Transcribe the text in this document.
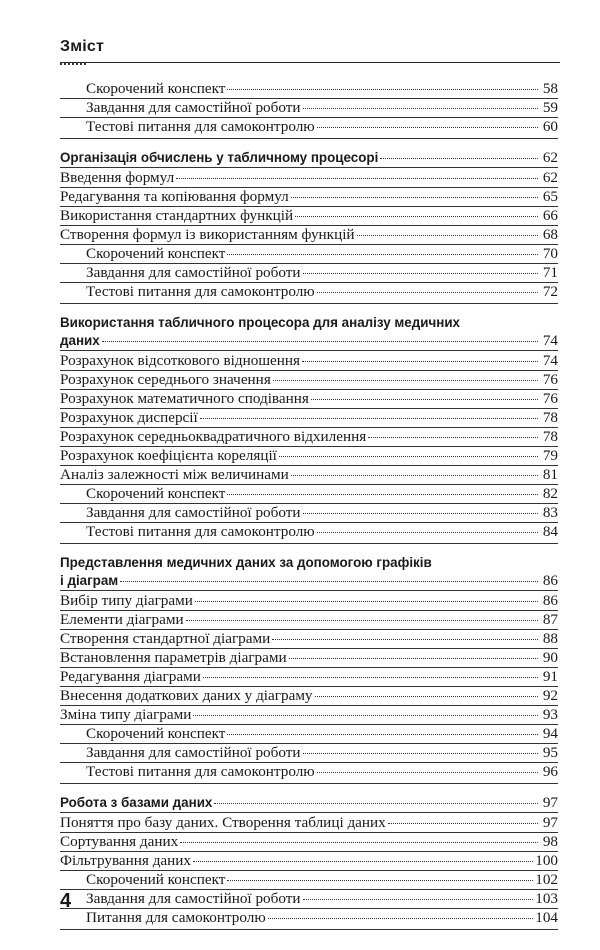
Зміст
Скорочений конспект	58
Завдання для самостійної роботи	59
Тестові питання для самоконтролю	60
Організація обчислень у табличному процесорі	62
Введення формул	62
Редагування та копіювання формул	65
Використання стандартних функцій	66
Створення формул із використанням функцій	68
Скорочений конспект	70
Завдання для самостійної роботи	71
Тестові питання для самоконтролю	72
Використання табличного процесора для аналізу медичних
даних	74
Розрахунок відсоткового відношення	74
Розрахунок середнього значення	76
Розрахунок математичного сподівання	76
Розрахунок дисперсії	78
Розрахунок середньоквадратичного відхилення	78
Розрахунок коефіцієнта кореляції	79
Аналіз залежності між величинами	81
Скорочений конспект	82
Завдання для самостійної роботи	83
Тестові питання для самоконтролю	84
Представлення медичних даних за допомогою графіків
і діаграм	86
Вибір типу діаграми	86
Елементи діаграми	87
Створення стандартної діаграми	88
Встановлення параметрів діаграми	90
Редагування діаграми	91
Внесення додаткових даних у діаграму	92
Зміна типу діаграми	93
Скорочений конспект	94
Завдання для самостійної роботи	95
Тестові питання для самоконтролю	96
Робота з базами даних	97
Поняття про базу даних. Створення таблиці даних	97
Сортування даних	98
Фільтрування даних	100
Скорочений конспект	102
Завдання для самостійної роботи	103
Питання для самоконтролю	104
4
